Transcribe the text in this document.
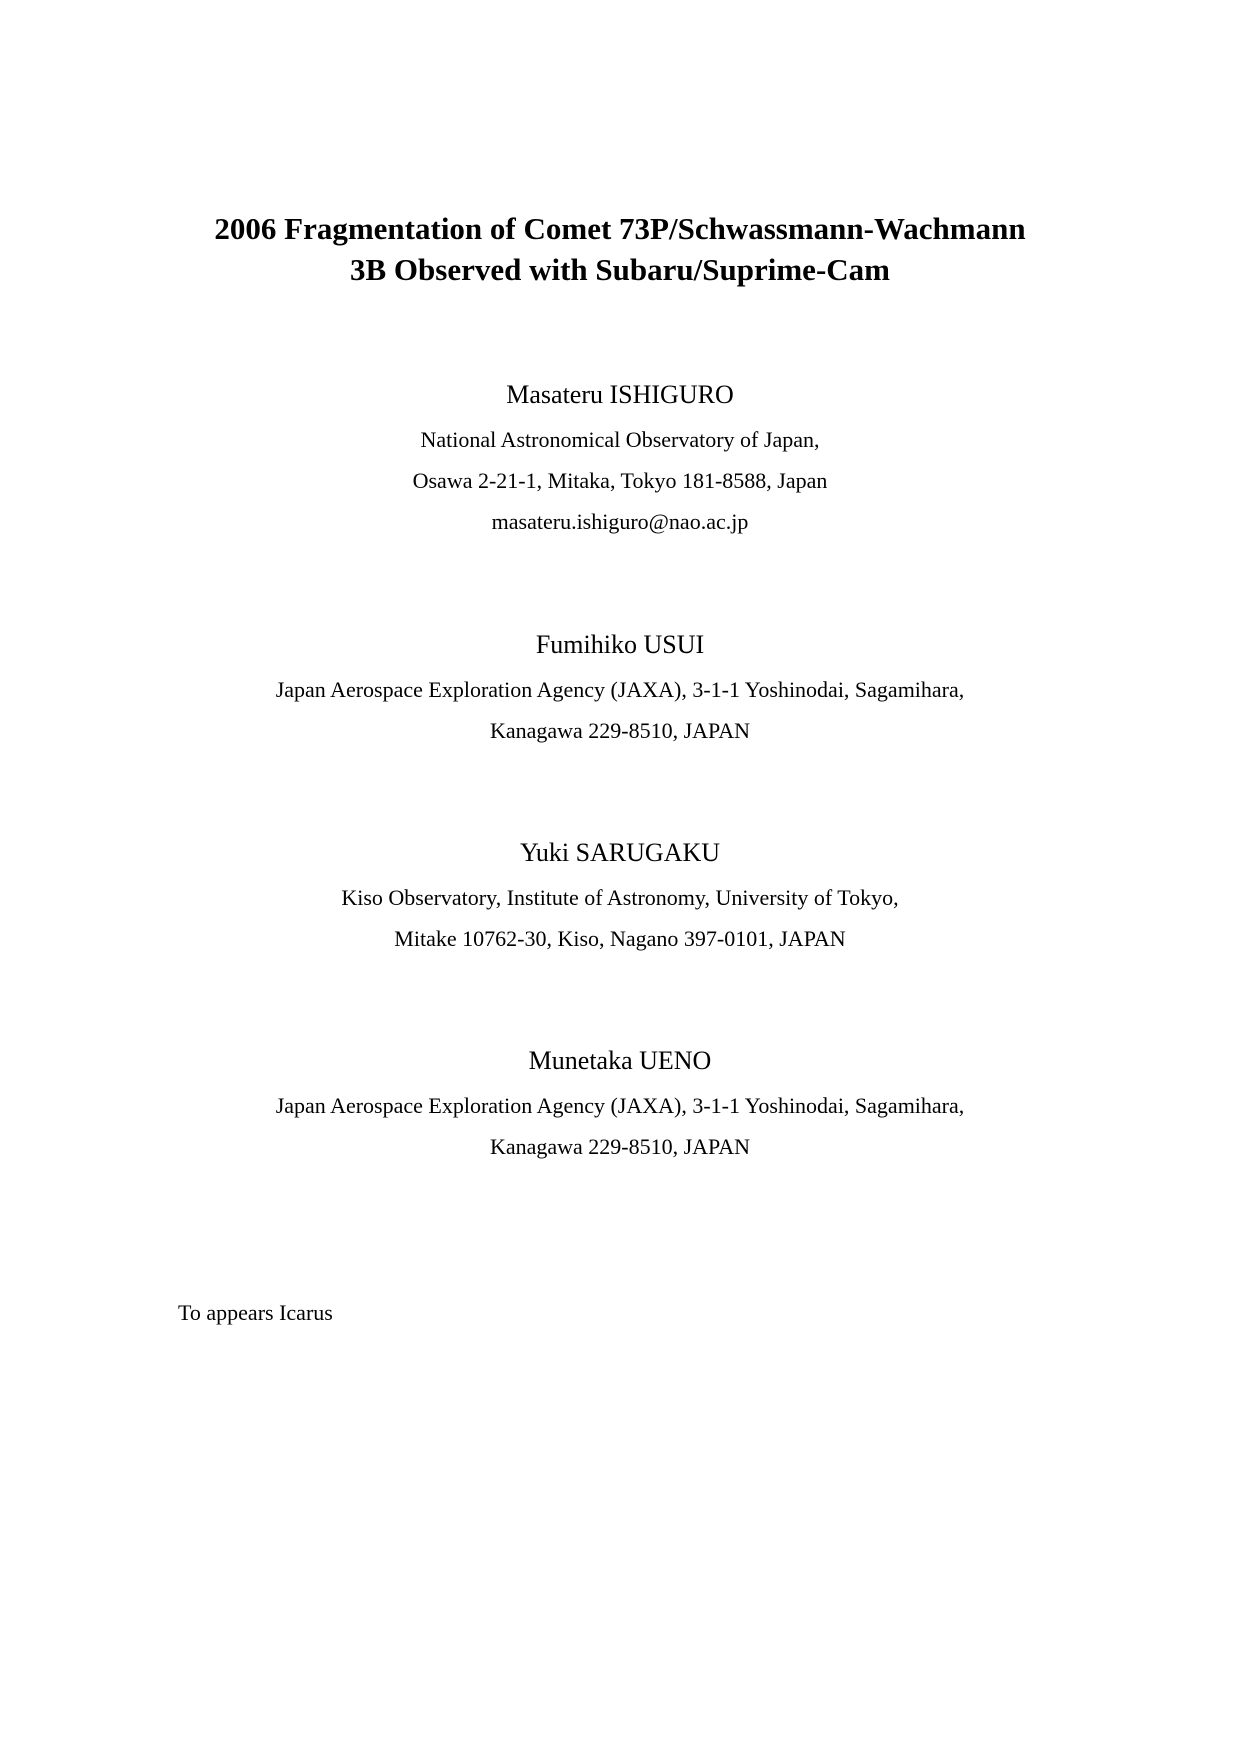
2006 Fragmentation of Comet 73P/Schwassmann-Wachmann
3B Observed with Subaru/Suprime-Cam
Masateru ISHIGURO
National Astronomical Observatory of Japan,
Osawa 2-21-1, Mitaka, Tokyo 181-8588, Japan
masateru.ishiguro@nao.ac.jp
Fumihiko USUI
Japan Aerospace Exploration Agency (JAXA), 3-1-1 Yoshinodai, Sagamihara,
Kanagawa 229-8510, JAPAN
Yuki SARUGAKU
Kiso Observatory, Institute of Astronomy, University of Tokyo,
Mitake 10762-30, Kiso, Nagano 397-0101, JAPAN
Munetaka UENO
Japan Aerospace Exploration Agency (JAXA), 3-1-1 Yoshinodai, Sagamihara,
Kanagawa 229-8510, JAPAN
To appears Icarus
